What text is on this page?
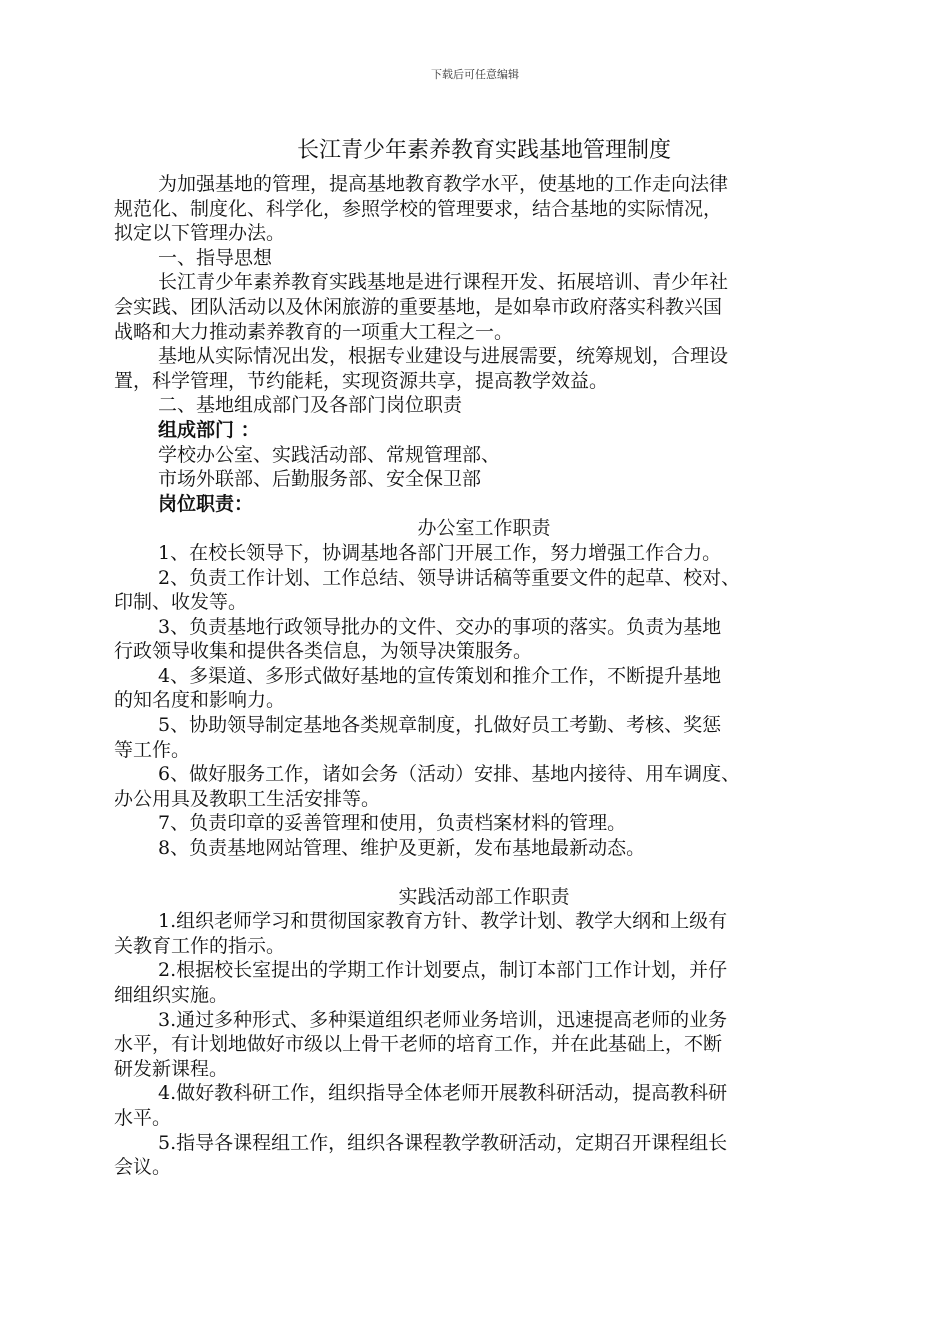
下载后可任意编辑
长江青少年素养教育实践基地管理制度
为加强基地的管理，提高基地教育教学水平，使基地的工作走向法律
规范化、制度化、科学化，参照学校的管理要求，结合基地的实际情况，
拟定以下管理办法。
一、指导思想
长江青少年素养教育实践基地是进行课程开发、拓展培训、青少年社
会实践、团队活动以及休闲旅游的重要基地，是如皋市政府落实科教兴国
战略和大力推动素养教育的一项重大工程之一。
基地从实际情况出发，根据专业建设与进展需要，统筹规划，合理设
置，科学管理，节约能耗，实现资源共享，提高教学效益。
二、基地组成部门及各部门岗位职责
组成部门 ：
学校办公室、实践活动部、常规管理部、
市场外联部、后勤服务部、安全保卫部
岗位职责：
办公室工作职责
1、在校长领导下，协调基地各部门开展工作，努力增强工作合力。
2、负责工作计划、工作总结、领导讲话稿等重要文件的起草、校对、
印制、收发等。
3、负责基地行政领导批办的文件、交办的事项的落实。负责为基地
行政领导收集和提供各类信息，为领导决策服务。
4、多渠道、多形式做好基地的宣传策划和推介工作，不断提升基地
的知名度和影响力。
5、协助领导制定基地各类规章制度，扎做好员工考勤、考核、奖惩
等工作。
6、做好服务工作，诸如会务（活动）安排、基地内接待、用车调度、
办公用具及教职工生活安排等。
7、负责印章的妥善管理和使用，负责档案材料的管理。
8、负责基地网站管理、维护及更新，发布基地最新动态。
实践活动部工作职责
1.组织老师学习和贯彻国家教育方针、教学计划、教学大纲和上级有
关教育工作的指示。
2.根据校长室提出的学期工作计划要点，制订本部门工作计划，并仔
细组织实施。
3.通过多种形式、多种渠道组织老师业务培训，迅速提高老师的业务
水平，有计划地做好市级以上骨干老师的培育工作，并在此基础上，不断
研发新课程。
4.做好教科研工作，组织指导全体老师开展教科研活动，提高教科研
水平。
5.指导各课程组工作，组织各课程教学教研活动，定期召开课程组长
会议。
